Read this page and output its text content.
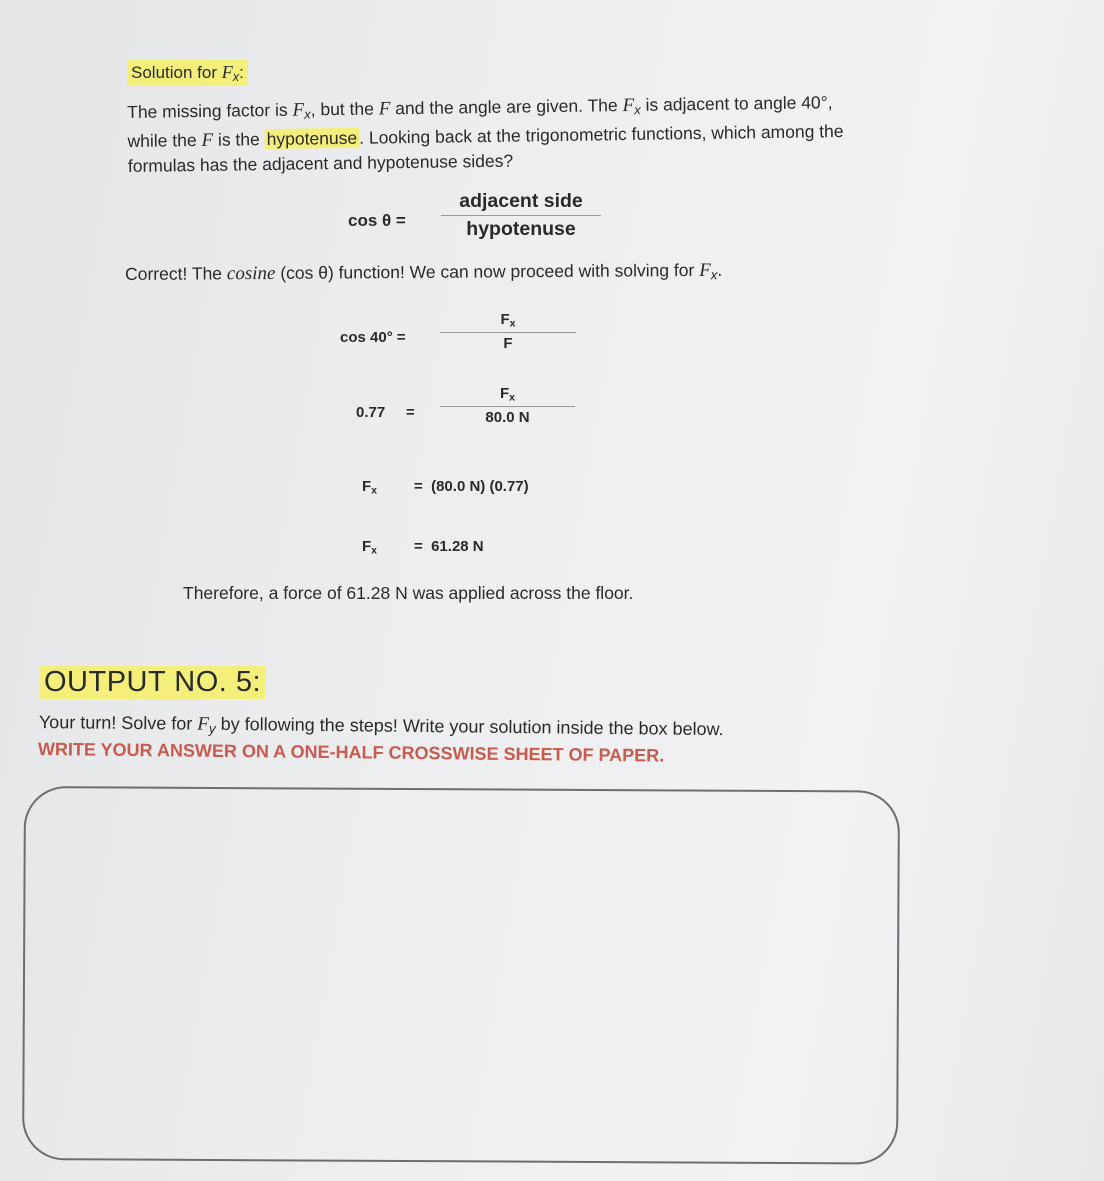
Solution for Fx:
The missing factor is Fx, but the F and the angle are given. The Fx is adjacent to angle 40°, while the F is the hypotenuse. Looking back at the trigonometric functions, which among the formulas has the adjacent and hypotenuse sides?
cos θ =
adjacent side
hypotenuse
Correct! The cosine (cos θ) function! We can now proceed with solving for Fx.
cos 40° =
$F_x$
F
0.77     =
$F_x$
80.0 N
$F_x = (80.0$ N) (0.77)
$F_x = 61.28$ N
Therefore, a force of 61.28 N was applied across the floor.
OUTPUT NO. 5:
Your turn! Solve for Fy by following the steps! Write your solution inside the box below.
WRITE YOUR ANSWER ON A ONE-HALF CROSSWISE SHEET OF PAPER.
